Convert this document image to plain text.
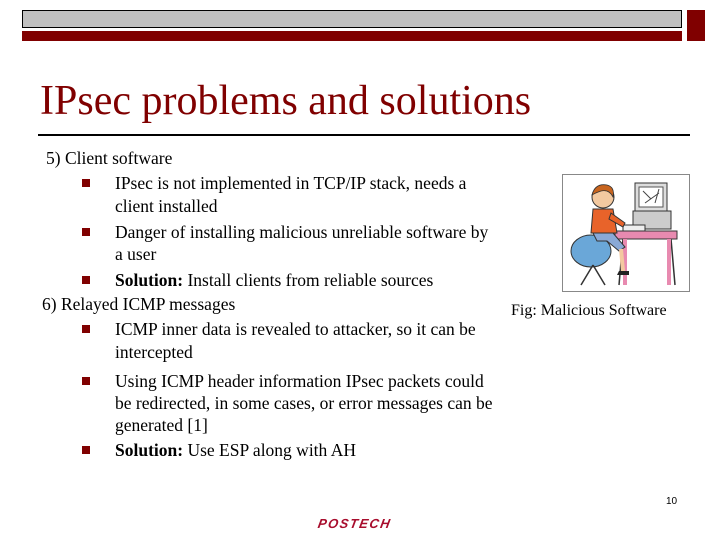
IPsec problems and solutions
5) Client software
IPsec is not implemented in TCP/IP stack, needs a
client installed
Danger of installing malicious unreliable software by
a user
Solution: Install clients from reliable sources
6) Relayed ICMP messages
ICMP inner data is revealed to attacker, so it can be
intercepted
Using ICMP header information IPsec packets could
be redirected, in some cases, or error messages can be
generated [1]
Solution: Use ESP along with AH
Fig: Malicious Software
10
POSTECH
